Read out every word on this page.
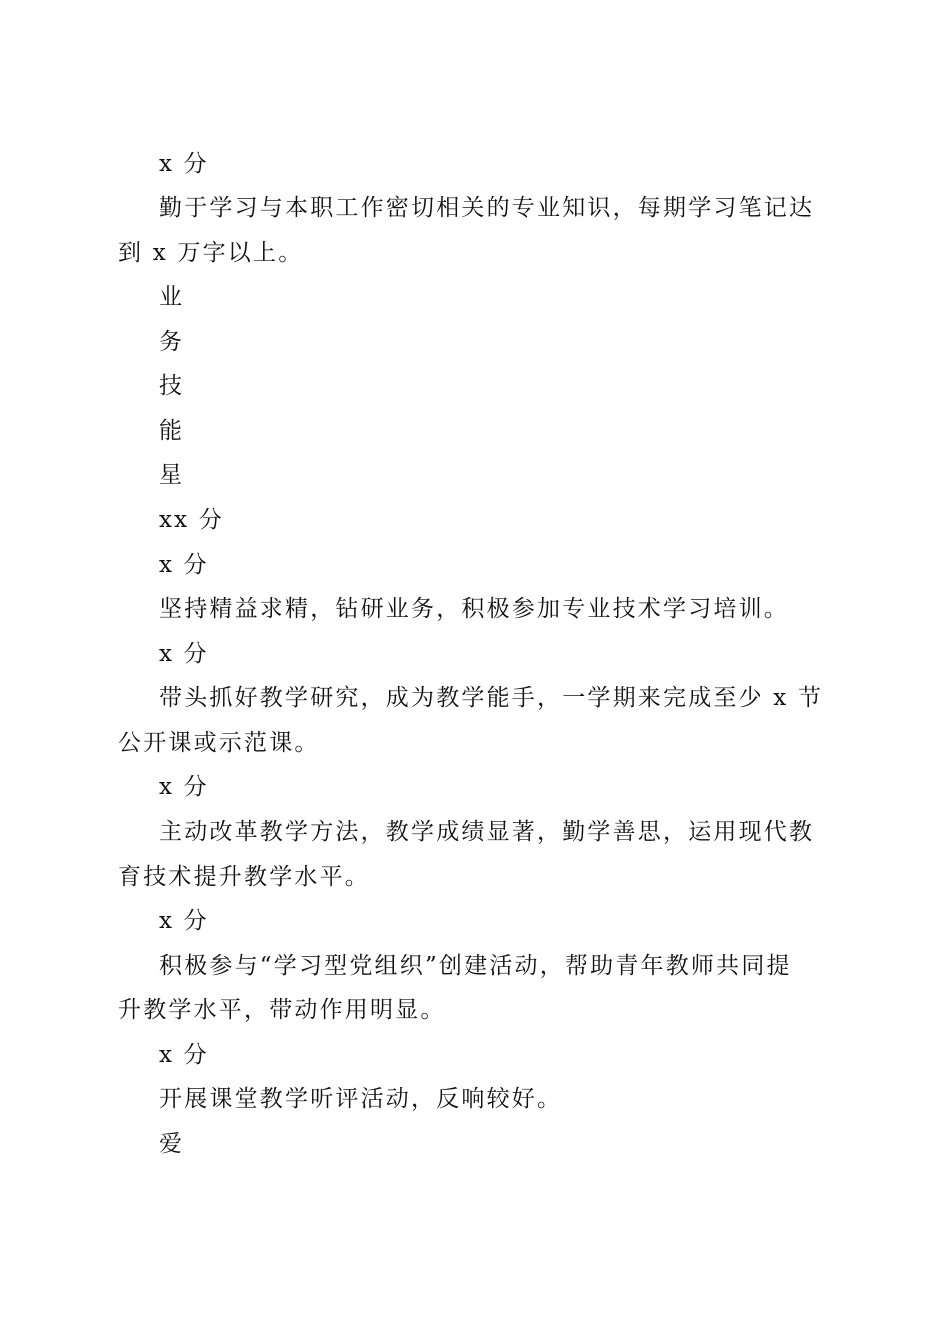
x 分
勤于学习与本职工作密切相关的专业知识，每期学习笔记达
到 x 万字以上。
业
务
技
能
星
xx 分
x 分
坚持精益求精，钻研业务，积极参加专业技术学习培训。
x 分
带头抓好教学研究，成为教学能手，一学期来完成至少 x 节
公开课或示范课。
x 分
主动改革教学方法，教学成绩显著，勤学善思，运用现代教
育技术提升教学水平。
x 分
积极参与“学习型党组织”创建活动，帮助青年教师共同提
升教学水平，带动作用明显。
x 分
开展课堂教学听评活动，反响较好。
爱
